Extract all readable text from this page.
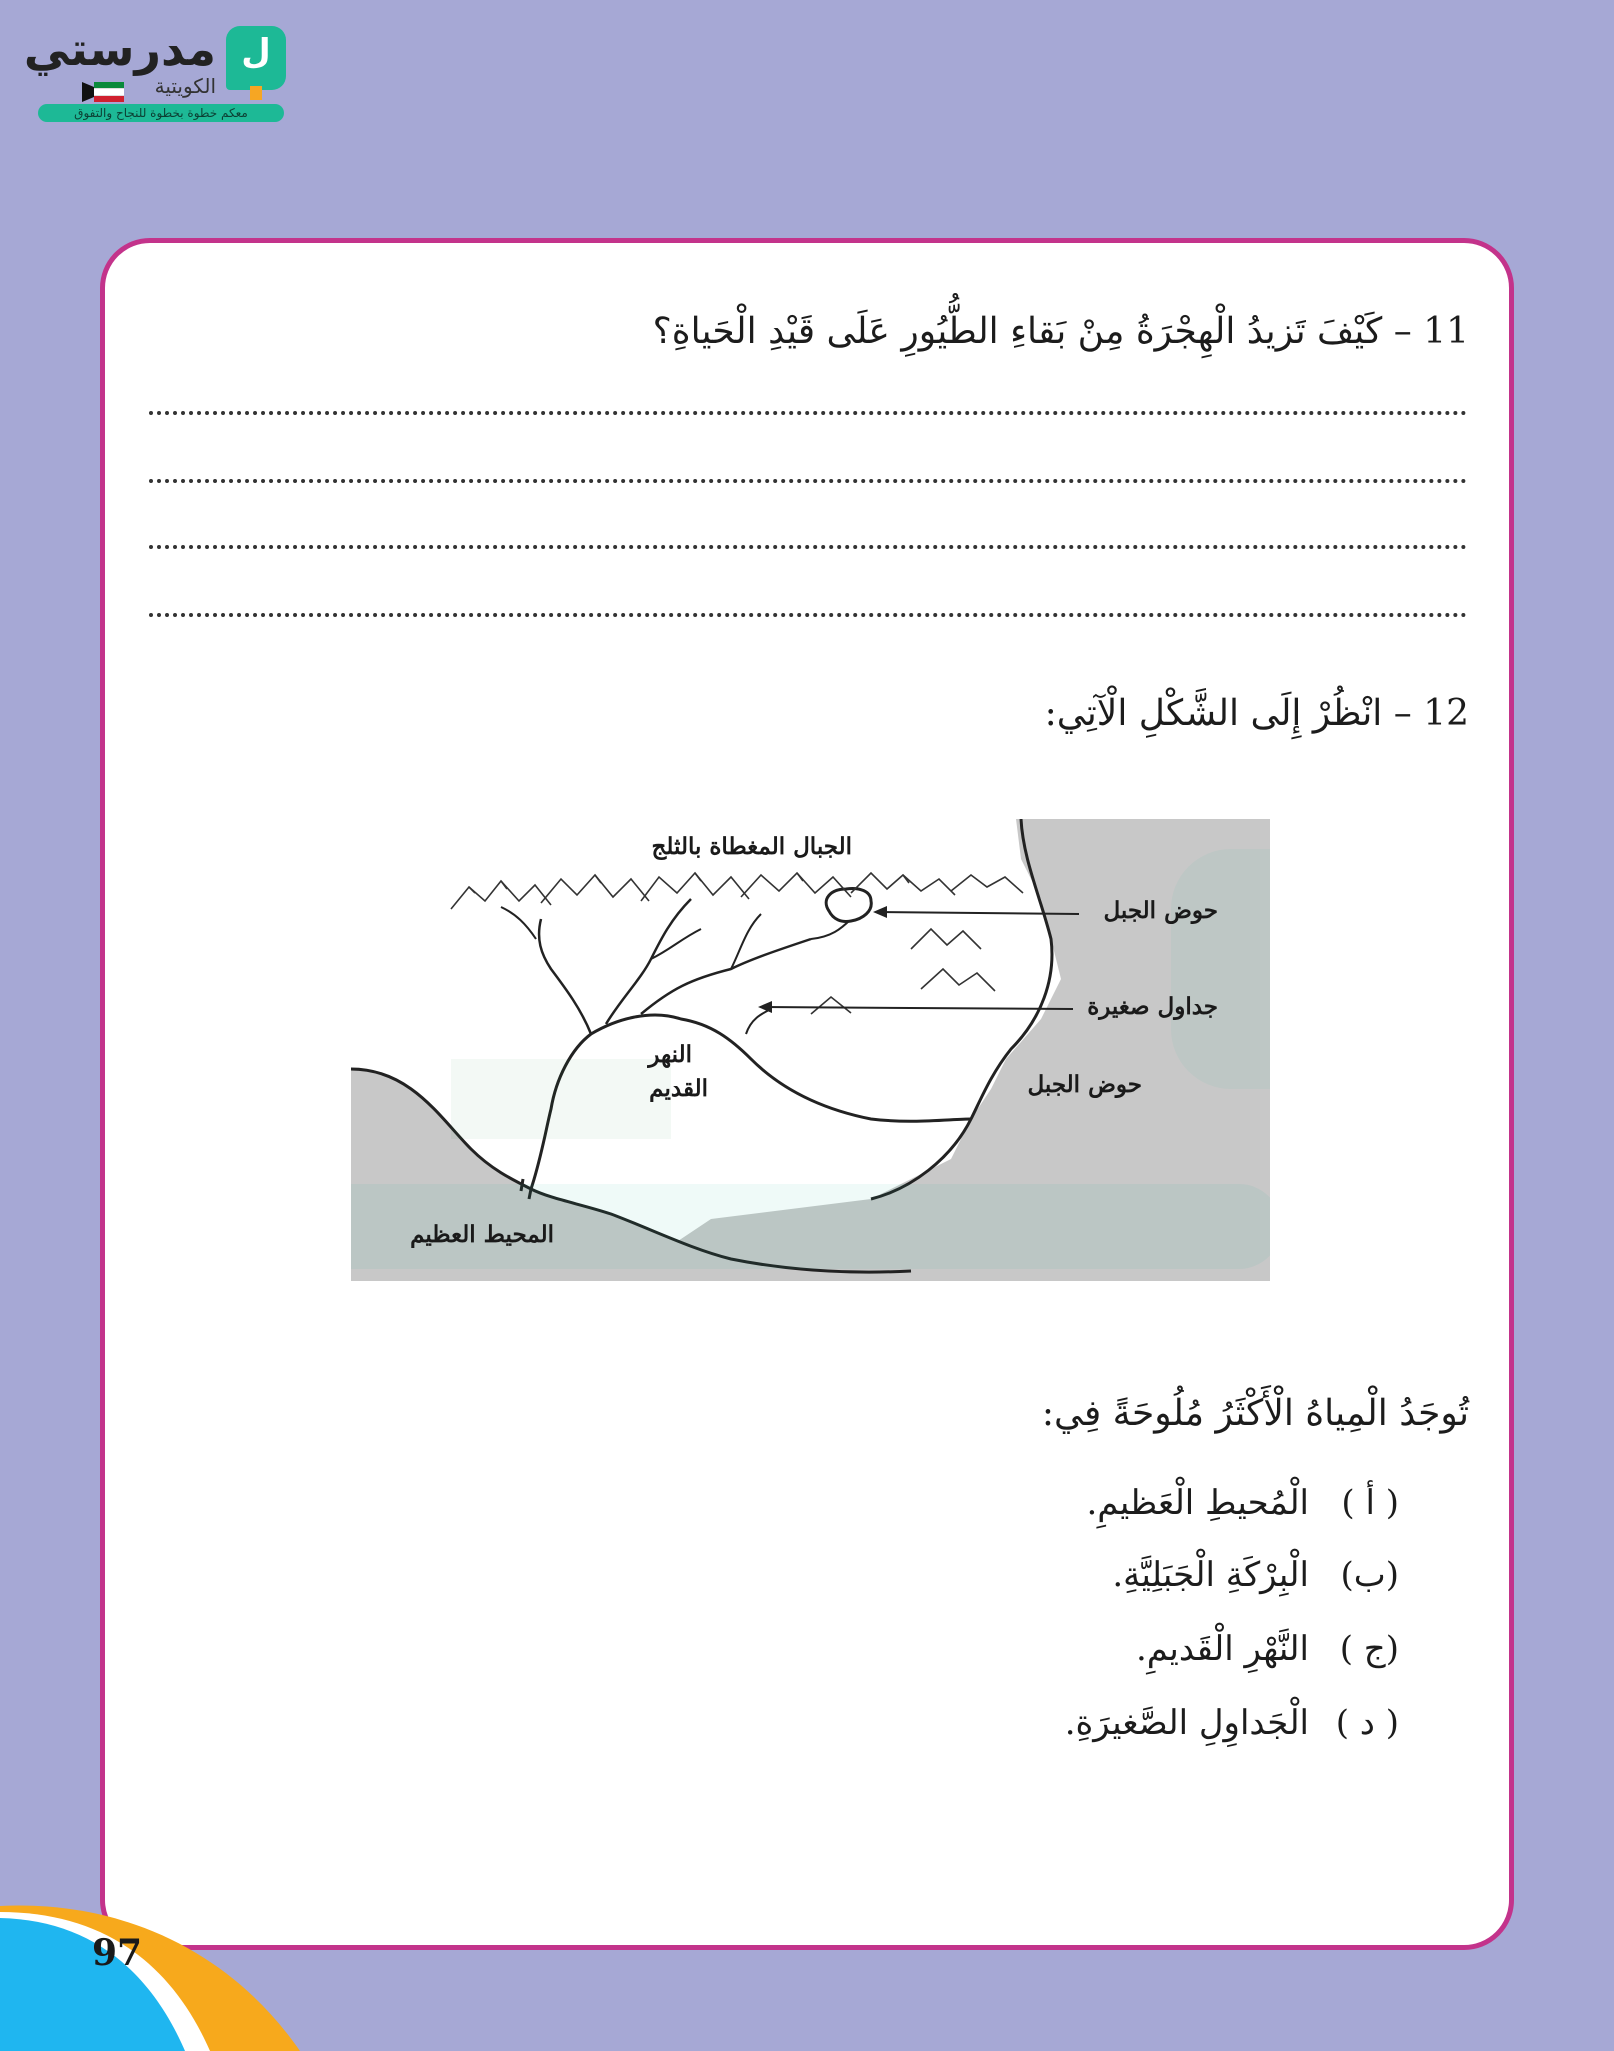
ل
مدرستي
الكويتية
معكم خطوة بخطوة للنجاح والتفوق
11 – كَيْفَ تَزيدُ الْهِجْرَةُ مِنْ بَقاءِ الطُّيُورِ عَلَى قَيْدِ الْحَياةِ؟
12 – انْظُرْ إِلَى الشَّكْلِ الْآتِي:
الجبال المغطاة بالثلج
حوض الجبل
جداول صغيرة
النهر
القديم	حوض الجبل
المحيط العظيم
تُوجَدُ الْمِياهُ الْأَكْثَرُ مُلُوحَةً فِي:
( أ )الْمُحيطِ الْعَظيمِ.
(ب)الْبِرْكَةِ الْجَبَلِيَّةِ.
(ج )النَّهْرِ الْقَديمِ.
( د )الْجَداوِلِ الصَّغيرَةِ.
97
